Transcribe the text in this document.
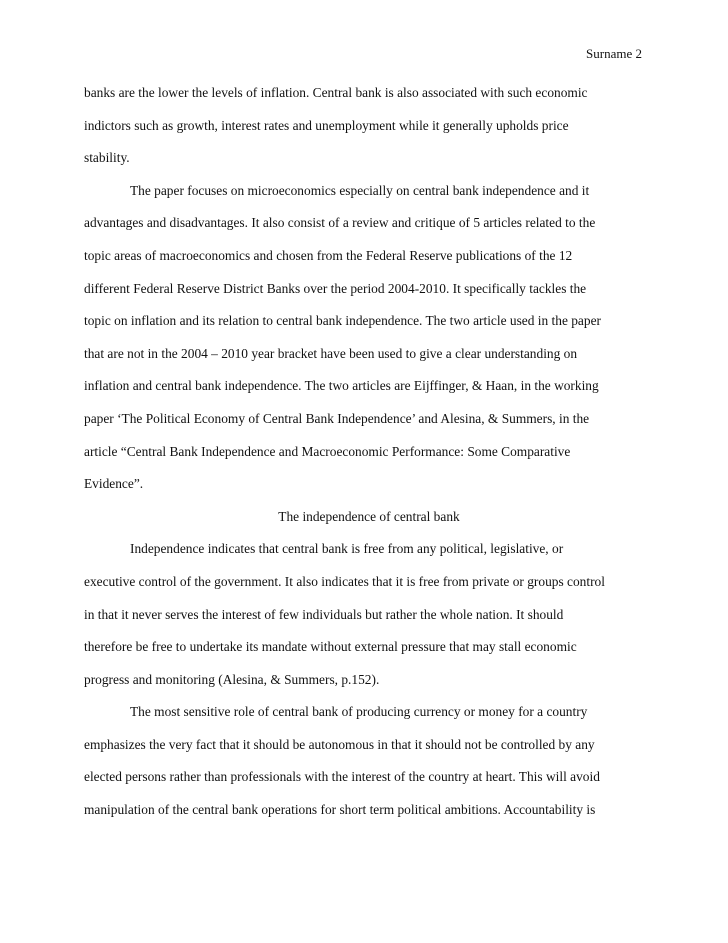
Surname 2
banks are the lower the levels of inflation. Central bank is also associated with such economic
indictors such as growth, interest rates and unemployment while it generally upholds price
stability.
The paper focuses on microeconomics especially on central bank independence and it
advantages and disadvantages. It also consist of a review and critique of 5 articles related to the
topic areas of macroeconomics and chosen from the Federal Reserve publications of the 12
different Federal Reserve District Banks over the period 2004-2010. It specifically tackles the
topic on inflation and its relation to central bank independence. The two article used in the paper
that are not in the 2004 – 2010 year bracket have been used to give a clear understanding on
inflation and central bank independence. The two articles are Eijffinger, & Haan, in the working
paper ‘The Political Economy of Central Bank Independence’ and Alesina, & Summers, in the
article “Central Bank Independence and Macroeconomic Performance: Some Comparative
Evidence”.
The independence of central bank
Independence indicates that central bank is free from any political, legislative, or
executive control of the government. It also indicates that it is free from private or groups control
in that it never serves the interest of few individuals but rather the whole nation. It should
therefore be free to undertake its mandate without external pressure that may stall economic
progress and monitoring (Alesina, & Summers, p.152).
The most sensitive role of central bank of producing currency or money for a country
emphasizes the very fact that it should be autonomous in that it should not be controlled by any
elected persons rather than professionals with the interest of the country at heart. This will avoid
manipulation of the central bank operations for short term political ambitions. Accountability is
